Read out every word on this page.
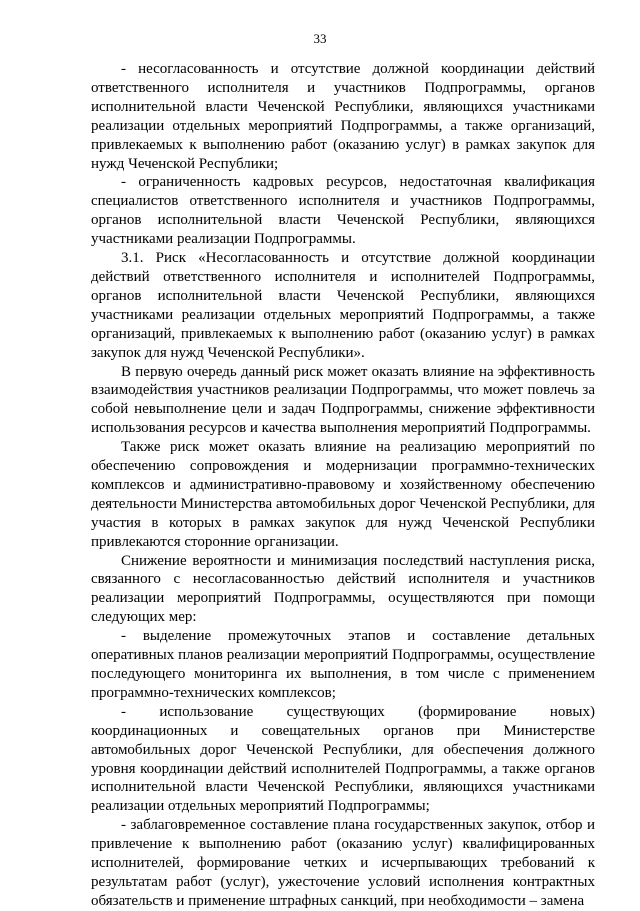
33

- несогласованность и отсутствие должной координации действий ответственного исполнителя и участников Подпрограммы, органов исполнительной власти Чеченской Республики, являющихся участниками реализации отдельных мероприятий Подпрограммы, а также организаций, привлекаемых к выполнению работ (оказанию услуг) в рамках закупок для нужд Чеченской Республики;

- ограниченность кадровых ресурсов, недостаточная квалификация специалистов ответственного исполнителя и участников Подпрограммы, органов исполнительной власти Чеченской Республики, являющихся участниками реализации Подпрограммы.

3.1. Риск «Несогласованность и отсутствие должной координации действий ответственного исполнителя и исполнителей Подпрограммы, органов исполнительной власти Чеченской Республики, являющихся участниками реализации отдельных мероприятий Подпрограммы, а также организаций, привлекаемых к выполнению работ (оказанию услуг) в рамках закупок для нужд Чеченской Республики».

В первую очередь данный риск может оказать влияние на эффективность взаимодействия участников реализации Подпрограммы, что может повлечь за собой невыполнение цели и задач Подпрограммы, снижение эффективности использования ресурсов и качества выполнения мероприятий Подпрограммы.

Также риск может оказать влияние на реализацию мероприятий по обеспечению сопровождения и модернизации программно-технических комплексов и административно-правовому и хозяйственному обеспечению деятельности Министерства автомобильных дорог Чеченской Республики, для участия в которых в рамках закупок для нужд Чеченской Республики привлекаются сторонние организации.

Снижение вероятности и минимизация последствий наступления риска, связанного с несогласованностью действий исполнителя и участников реализации мероприятий Подпрограммы, осуществляются при помощи следующих мер:

- выделение промежуточных этапов и составление детальных оперативных планов реализации мероприятий Подпрограммы, осуществление последующего мониторинга их выполнения, в том числе с применением программно-технических комплексов;

- использование существующих (формирование новых) координационных и совещательных органов при Министерстве автомобильных дорог Чеченской Республики, для обеспечения должного уровня координации действий исполнителей Подпрограммы, а также органов исполнительной власти Чеченской Республики, являющихся участниками реализации отдельных мероприятий Подпрограммы;

- заблаговременное составление плана государственных закупок, отбор и привлечение к выполнению работ (оказанию услуг) квалифицированных исполнителей, формирование четких и исчерпывающих требований к результатам работ (услуг), ужесточение условий исполнения контрактных обязательств и применение штрафных санкций, при необходимости – замена
